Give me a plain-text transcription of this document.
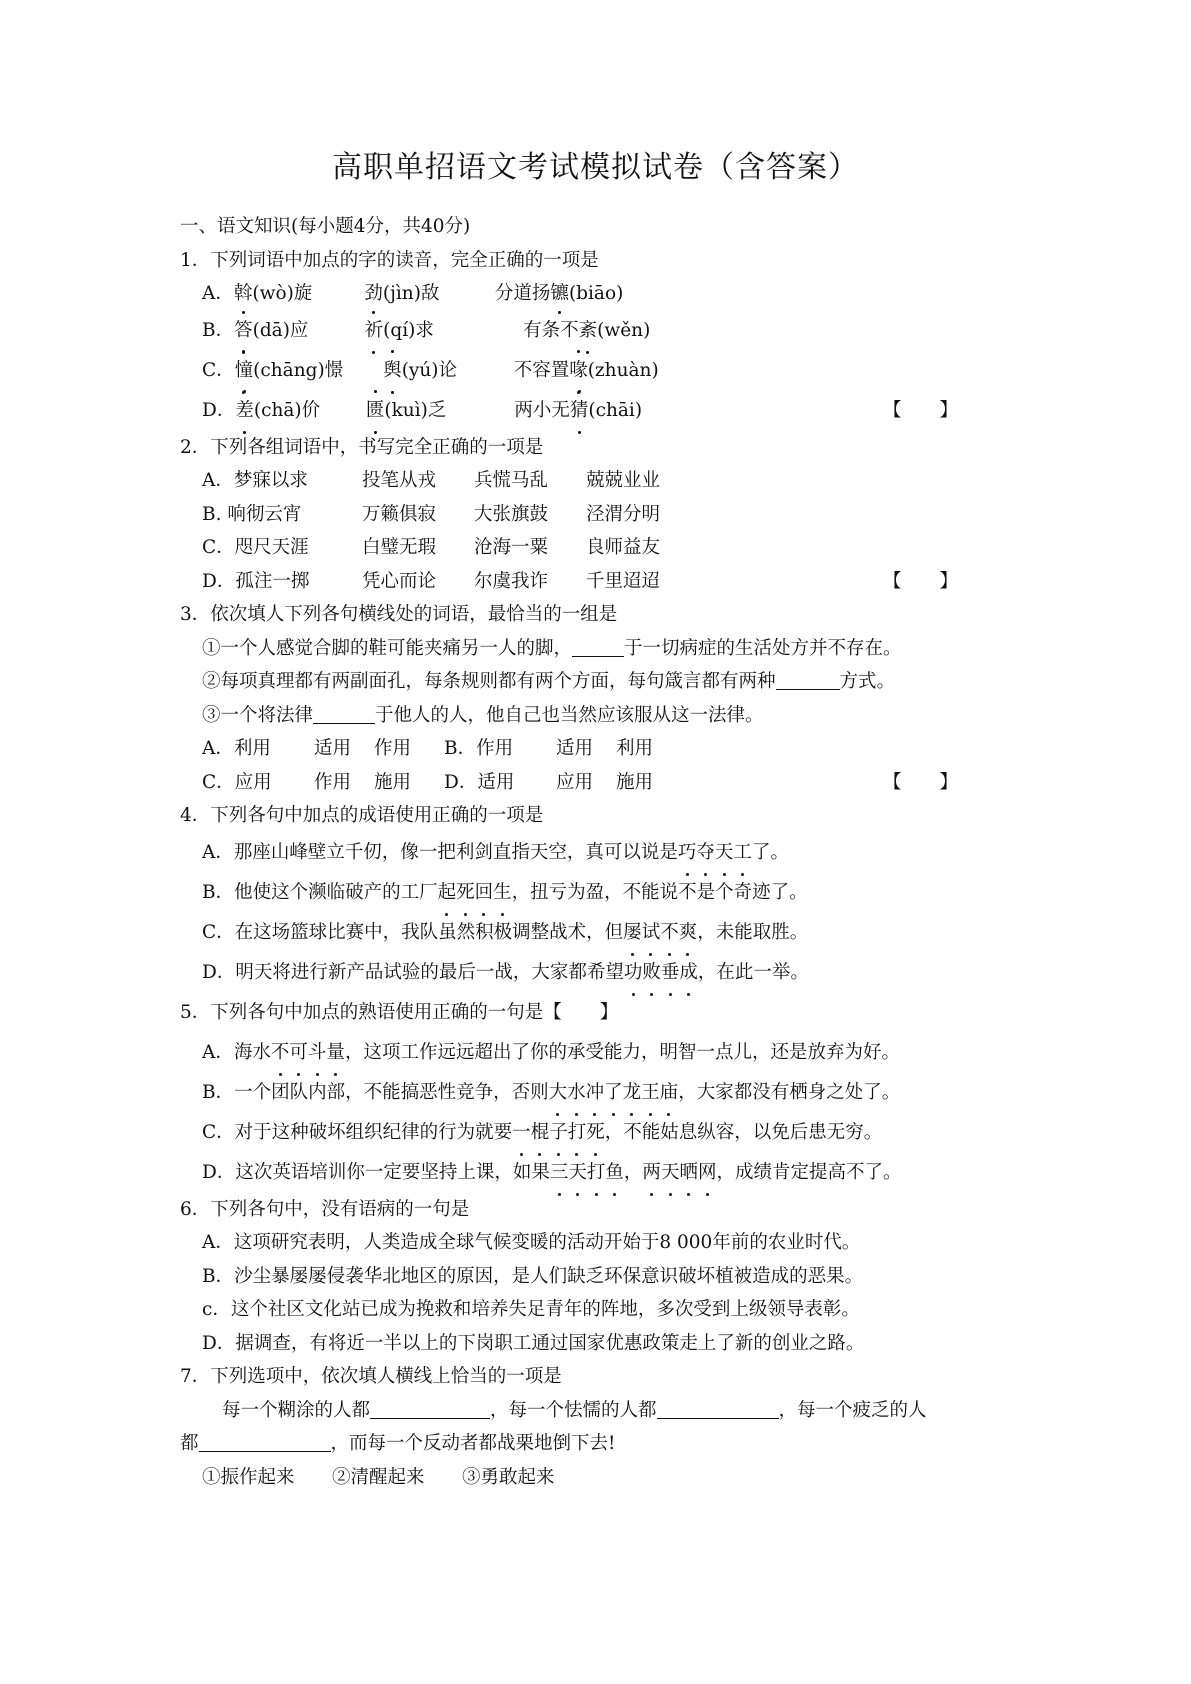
高职单招语文考试模拟试卷（含答案）
一、语文知识(每小题4分，共40分)
1．下列词语中加点的字的读音，完全正确的一项是
A．斡(wò)旋	劲(jìn)敌	分道扬镳(biāo)
B．答(dā)应	祈(qí)求	有条不紊(wěn)
C．憧(chāng)憬 舆(yú)论	不容置喙(zhuàn)
D．差(chā)价 匮(kuì)乏	两小无猜(chāi)	【】
2．下列各组词语中，书写完全正确的一项是
A．梦寐以求	投笔从戎 兵慌马乱 兢兢业业
B. 响彻云宵	万籁俱寂 大张旗鼓 泾渭分明
C．咫尺天涯	白璧无瑕 沧海一粟 良师益友
D．孤注一掷	凭心而论 尔虞我诈 千里迢迢	【】
3．依次填人下列各句横线处的词语，最恰当的一组是
①一个人感觉合脚的鞋可能夹痛另一人的脚，	于一切病症的生活处方并不存在。
②每项真理都有两副面孔，每条规则都有两个方面，每句箴言都有两种	方式。
③一个将法律	于他人的人，他自己也当然应该服从这一法律。
A．利用 适用 作用 B．作用 适用 利用
C．应用 作用 施用 D．适用 应用 施用	【】
4．下列各句中加点的成语使用正确的一项是
A．那座山峰壁立千仞，像一把利剑直指天空，真可以说是巧夺天工了。
B．他使这个濒临破产的工厂起死回生，扭亏为盈，不能说不是个奇迹了。
C．在这场篮球比赛中，我队虽然积极调整战术，但屡试不爽，未能取胜。
D．明天将进行新产品试验的最后一战，大家都希望功败垂成，在此一举。
5．下列各句中加点的熟语使用正确的一句是【 】
A．海水不可斗量，这项工作远远超出了你的承受能力，明智一点儿，还是放弃为好。
B．一个团队内部，不能搞恶性竞争，否则大水冲了龙王庙，大家都没有栖身之处了。
C．对于这种破坏组织纪律的行为就要一棍子打死，不能姑息纵容，以免后患无穷。
D．这次英语培训你一定要坚持上课，如果三天打鱼，两天晒网，成绩肯定提高不了。
6．下列各句中，没有语病的一句是
A．这项研究表明，人类造成全球气候变暖的活动开始于8 000年前的农业时代。
B．沙尘暴屡屡侵袭华北地区的原因，是人们缺乏环保意识破坏植被造成的恶果。
c．这个社区文化站已成为挽救和培养失足青年的阵地，多次受到上级领导表彰。
D．据调查，有将近一半以上的下岗职工通过国家优惠政策走上了新的创业之路。
7．下列选项中，依次填人横线上恰当的一项是
每一个糊涂的人都	，每一个怯懦的人都	，每一个疲乏的人
都	，而每一个反动者都战栗地倒下去!
①振作起来 ②清醒起来 ③勇敢起来
